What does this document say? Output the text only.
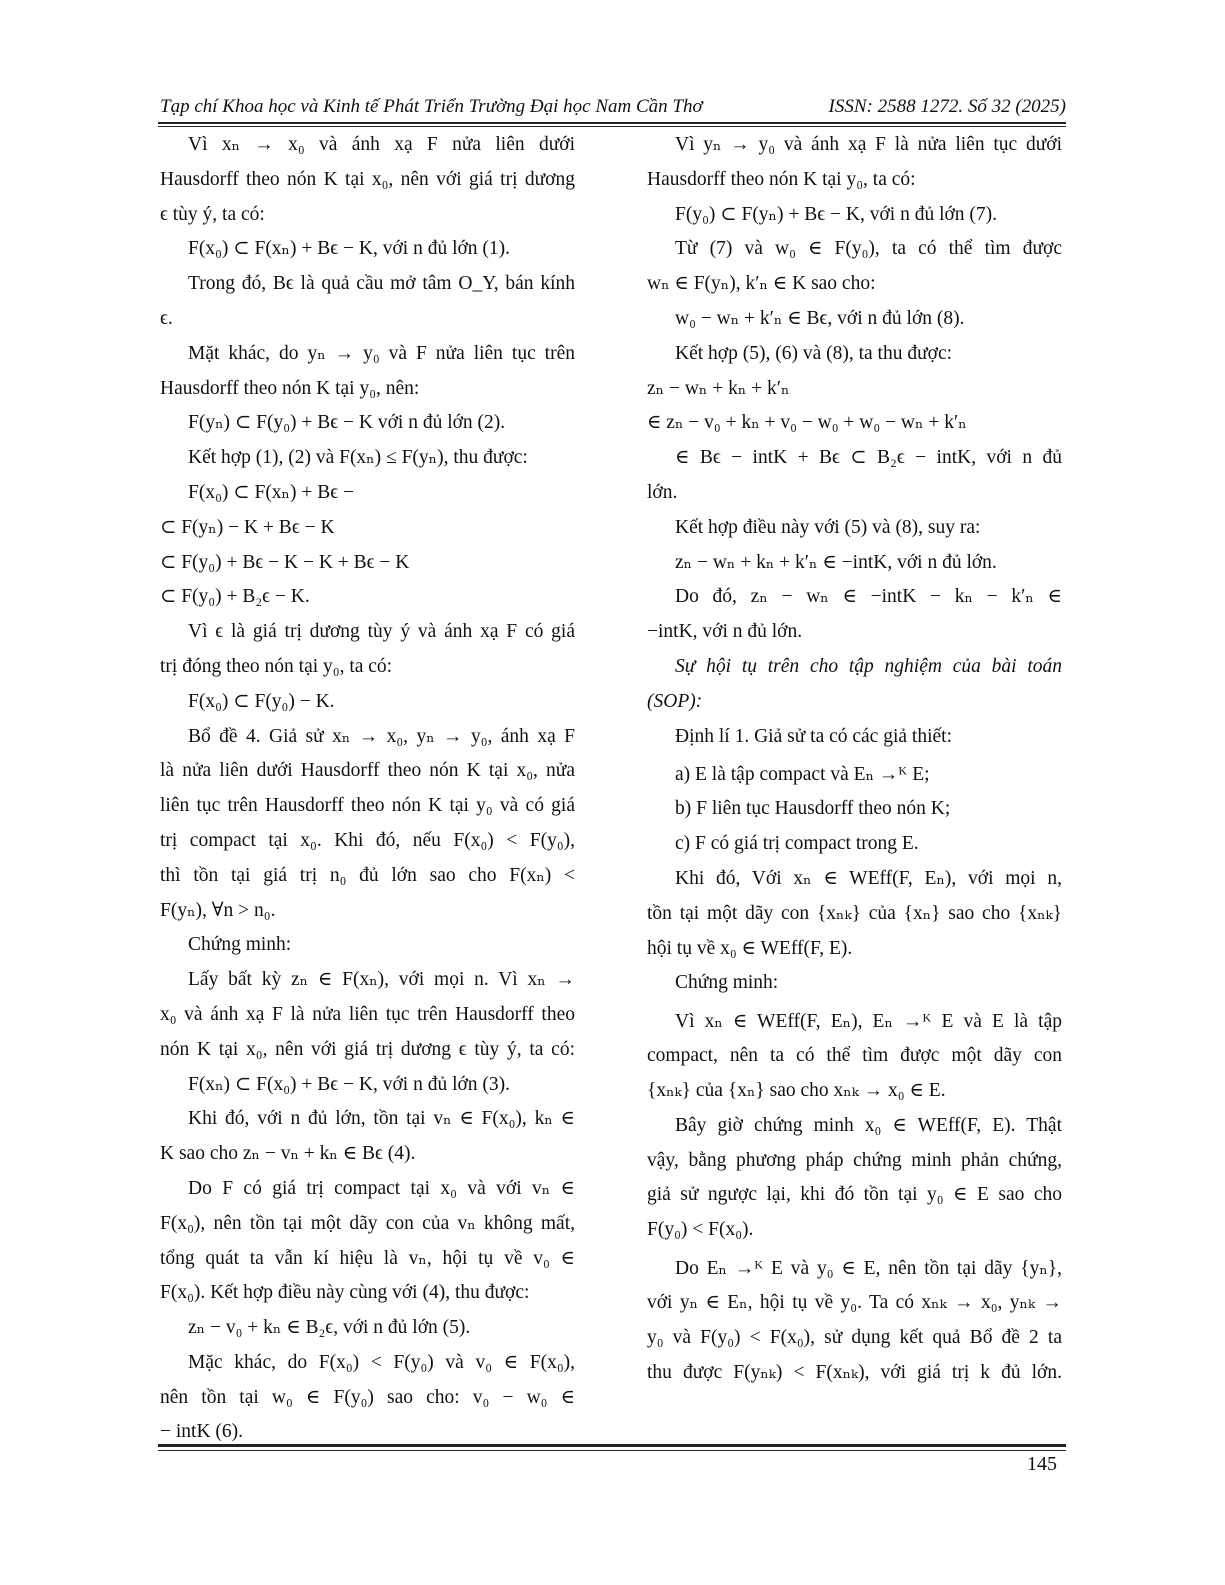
Tạp chí Khoa học và Kinh tế Phát Triển Trường Đại học Nam Cần Thơ	ISSN: 2588 1272. Số 32 (2025)
Vì xₙ → x₀ và ánh xạ F nửa liên dưới
Hausdorff theo nón K tại x₀, nên với giá trị dương
ϵ tùy ý, ta có:
F(x₀) ⊂ F(xₙ) + Bϵ − K, với n đủ lớn (1).
Trong đó, Bϵ là quả cầu mở tâm O_Y, bán kính
ϵ.
Mặt khác, do yₙ → y₀ và F nửa liên tục trên
Hausdorff theo nón K tại y₀, nên:
F(yₙ) ⊂ F(y₀) + Bϵ − K với n đủ lớn (2).
Kết hợp (1), (2) và F(xₙ) ≤ F(yₙ), thu được:
F(x₀) ⊂ F(xₙ) + Bϵ −
⊂ F(yₙ) − K + Bϵ − K
⊂ F(y₀) + Bϵ − K − K + Bϵ − K
⊂ F(y₀) + B₂ϵ − K.
Vì ϵ là giá trị dương tùy ý và ánh xạ F có giá
trị đóng theo nón tại y₀, ta có:
F(x₀) ⊂ F(y₀) − K.
Bổ đề 4. Giả sử xₙ → x₀, yₙ → y₀, ánh xạ F
là nửa liên dưới Hausdorff theo nón K tại x₀, nửa
liên tục trên Hausdorff theo nón K tại y₀ và có giá
trị compact tại x₀. Khi đó, nếu F(x₀) < F(y₀),
thì tồn tại giá trị n₀ đủ lớn sao cho F(xₙ) <
F(yₙ), ∀n > n₀.
Chứng minh:
Lấy bất kỳ zₙ ∈ F(xₙ), với mọi n. Vì xₙ →
x₀ và ánh xạ F là nửa liên tục trên Hausdorff theo
nón K tại x₀, nên với giá trị dương ϵ tùy ý, ta có:
F(xₙ) ⊂ F(x₀) + Bϵ − K, với n đủ lớn (3).
Khi đó, với n đủ lớn, tồn tại vₙ ∈ F(x₀), kₙ ∈
K sao cho zₙ − vₙ + kₙ ∈ Bϵ (4).
Do F có giá trị compact tại x₀ và với vₙ ∈
F(x₀), nên tồn tại một dãy con của vₙ không mất,
tổng quát ta vẫn kí hiệu là vₙ, hội tụ về v₀ ∈
F(x₀). Kết hợp điều này cùng với (4), thu được:
zₙ − v₀ + kₙ ∈ B₂ϵ, với n đủ lớn (5).
Mặc khác, do F(x₀) < F(y₀) và v₀ ∈ F(x₀),
nên tồn tại w₀ ∈ F(y₀) sao cho: v₀ − w₀ ∈
− intK (6).
Vì yₙ → y₀ và ánh xạ F là nửa liên tục dưới
Hausdorff theo nón K tại y₀, ta có:
F(y₀) ⊂ F(yₙ) + Bϵ − K, với n đủ lớn (7).
Từ (7) và w₀ ∈ F(y₀), ta có thể tìm được
wₙ ∈ F(yₙ), k′ₙ ∈ K sao cho:
w₀ − wₙ + k′ₙ ∈ Bϵ, với n đủ lớn (8).
Kết hợp (5), (6) và (8), ta thu được:
zₙ − wₙ + kₙ + k′ₙ
∈ zₙ − v₀ + kₙ + v₀ − w₀ + w₀ − wₙ + k′ₙ
∈ Bϵ − intK + Bϵ ⊂ B₂ϵ − intK, với n đủ
lớn.
Kết hợp điều này với (5) và (8), suy ra:
zₙ − wₙ + kₙ + k′ₙ ∈ −intK, với n đủ lớn.
Do đó, zₙ − wₙ ∈ −intK − kₙ − k′ₙ ∈
−intK, với n đủ lớn.
Sự hội tụ trên cho tập nghiệm của bài toán
(SOP):
Định lí 1. Giả sử ta có các giả thiết:
a) E là tập compact và Eₙ →ᴷ E;
b) F liên tục Hausdorff theo nón K;
c) F có giá trị compact trong E.
Khi đó, Với xₙ ∈ WEff(F, Eₙ), với mọi n,
tồn tại một dãy con {xₙₖ} của {xₙ} sao cho {xₙₖ}
hội tụ về x₀ ∈ WEff(F, E).
Chứng minh:
Vì xₙ ∈ WEff(F, Eₙ), Eₙ →ᴷ E và E là tập
compact, nên ta có thể tìm được một dãy con
{xₙₖ} của {xₙ} sao cho xₙₖ → x₀ ∈ E.
Bây giờ chứng minh x₀ ∈ WEff(F, E). Thật
vậy, bằng phương pháp chứng minh phản chứng,
giả sử ngược lại, khi đó tồn tại y₀ ∈ E sao cho
F(y₀) < F(x₀).
Do Eₙ →ᴷ E và y₀ ∈ E, nên tồn tại dãy {yₙ},
với yₙ ∈ Eₙ, hội tụ về y₀. Ta có xₙₖ → x₀, yₙₖ →
y₀ và F(y₀) < F(x₀), sử dụng kết quả Bổ đề 2 ta
thu được F(yₙₖ) < F(xₙₖ), với giá trị k đủ lớn.
145
